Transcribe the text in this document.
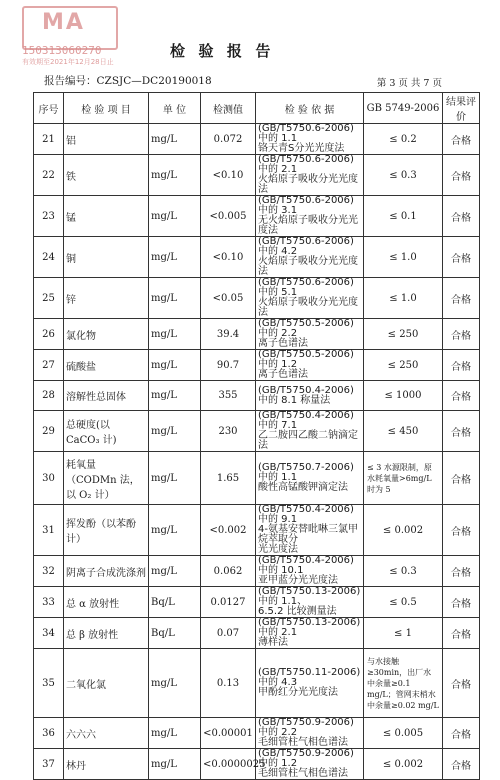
MA
150313060270
有效期至2021年12月28日止
检  验  报  告
报告编号：CZSJC—DC20190018	第 3 页 共 7 页
序号	检 验 项 目	单 位	检测值	检 验 依 据	GB 5749-2006	结果评价
21	铝	mg/L	0.072	(GB/T5750.6-2006)中的 1.1
铬天青S分光光度法	≤ 0.2	合格
22	铁	mg/L	<0.10	(GB/T5750.6-2006)中的 2.1
火焰原子吸收分光光度法	≤ 0.3	合格
23	锰	mg/L	<0.005	(GB/T5750.6-2006)中的 3.1
无火焰原子吸收分光光度法	≤ 0.1	合格
24	铜	mg/L	<0.10	(GB/T5750.6-2006)中的 4.2
火焰原子吸收分光光度法	≤ 1.0	合格
25	锌	mg/L	<0.05	(GB/T5750.6-2006)中的 5.1
火焰原子吸收分光光度法	≤ 1.0	合格
26	氯化物	mg/L	39.4	(GB/T5750.5-2006)中的 2.2
离子色谱法	≤ 250	合格
27	硫酸盐	mg/L	90.7	(GB/T5750.5-2006)中的 1.2
离子色谱法	≤ 250	合格
28	溶解性总固体	mg/L	355	(GB/T5750.4-2006)中的 8.1 称量法	≤ 1000	合格
29	总硬度(以 CaCO₃ 计)	mg/L	230	(GB/T5750.4-2006)中的 7.1
乙二胺四乙酸二钠滴定法	≤ 450	合格
30	耗氧量（CODMn 法，以 O₂ 计）	mg/L	1.65	(GB/T5750.7-2006)中的 1.1
酸性高锰酸钾滴定法	≤ 3 水源限制，原水耗氧量>6mg/L 时为 5	合格
31	挥发酚（以苯酚计）	mg/L	<0.002	(GB/T5750.4-2006)中的 9.1
4-氨基安替吡啉三氯甲烷萃取分
光光度法	≤ 0.002	合格
32	阴离子合成洗涤剂	mg/L	0.062	(GB/T5750.4-2006)中的 10.1
亚甲蓝分光光度法	≤ 0.3	合格
33	总 α 放射性	Bq/L	0.0127	(GB/T5750.13-2006)中的 1.1、
6.5.2 比较测量法	≤ 0.5	合格
34	总 β 放射性	Bq/L	0.07	(GB/T5750.13-2006)中的 2.1
薄样法	≤ 1	合格
35	二氧化氯	mg/L	0.13	(GB/T5750.11-2006)中的 4.3
甲酚红分光光度法	与水接触≥30min，出厂水中余量≥0.1 mg/L；管网末梢水中余量≥0.02 mg/L	合格
36	六六六	mg/L	<0.00001	(GB/T5750.9-2006)中的 2.2
毛细管柱气相色谱法	≤ 0.005	合格
37	林丹	mg/L	<0.0000025	(GB/T5750.9-2006)中的 1.2
毛细管柱气相色谱法	≤ 0.002	合格
